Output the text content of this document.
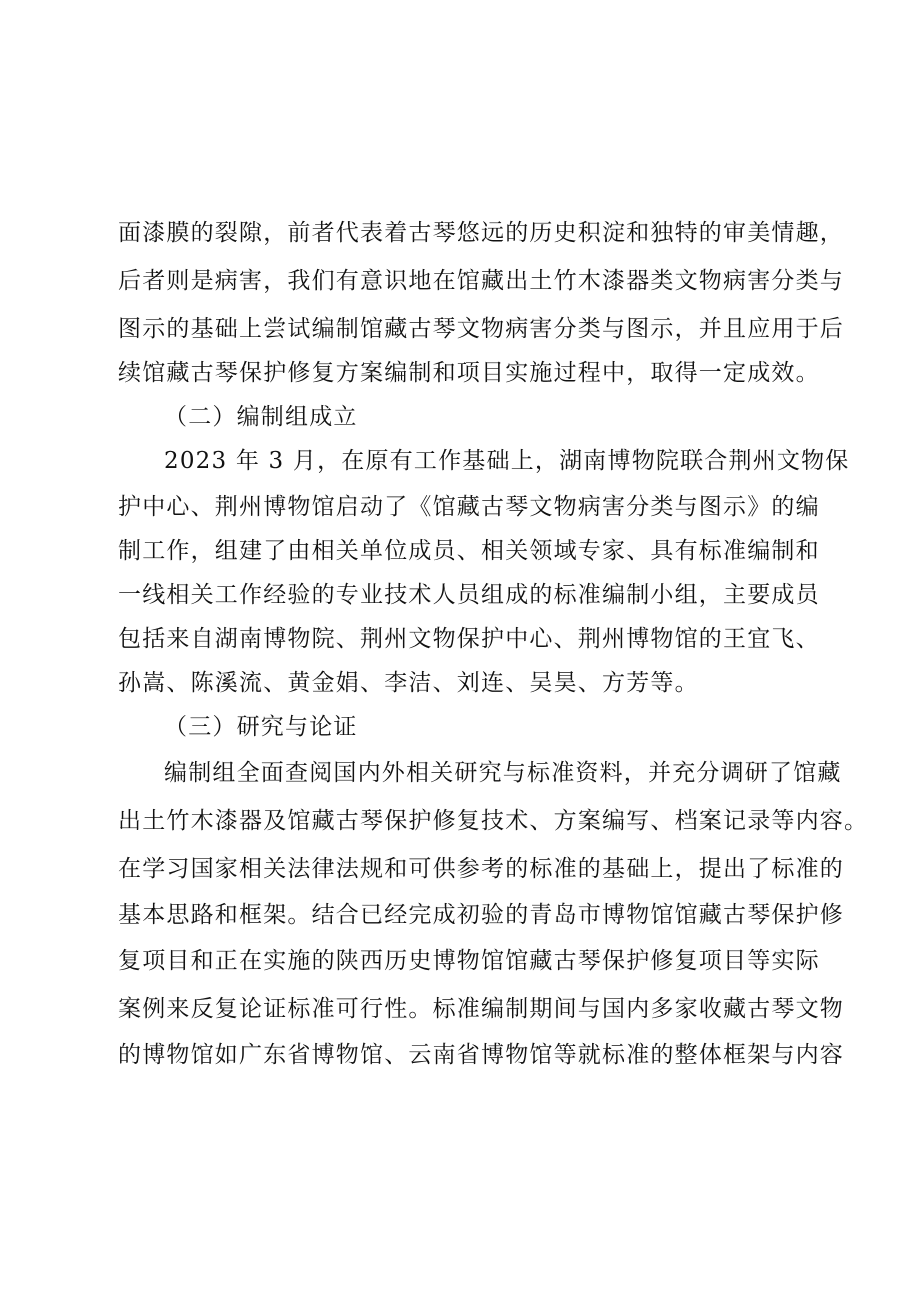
面漆膜的裂隙，前者代表着古琴悠远的历史积淀和独特的审美情趣，
后者则是病害，我们有意识地在馆藏出土竹木漆器类文物病害分类与
图示的基础上尝试编制馆藏古琴文物病害分类与图示，并且应用于后
续馆藏古琴保护修复方案编制和项目实施过程中，取得一定成效。
（二）编制组成立
2023 年 3 月，在原有工作基础上，湖南博物院联合荆州文物保
护中心、荆州博物馆启动了《馆藏古琴文物病害分类与图示》的编
制工作，组建了由相关单位成员、相关领域专家、具有标准编制和
一线相关工作经验的专业技术人员组成的标准编制小组，主要成员
包括来自湖南博物院、荆州文物保护中心、荆州博物馆的王宜飞、
孙嵩、陈溪流、黄金娟、李洁、刘连、吴昊、方芳等。
（三）研究与论证
编制组全面查阅国内外相关研究与标准资料，并充分调研了馆藏
出土竹木漆器及馆藏古琴保护修复技术、方案编写、档案记录等内容。
在学习国家相关法律法规和可供参考的标准的基础上，提出了标准的
基本思路和框架。结合已经完成初验的青岛市博物馆馆藏古琴保护修
复项目和正在实施的陕西历史博物馆馆藏古琴保护修复项目等实际
案例来反复论证标准可行性。标准编制期间与国内多家收藏古琴文物
的博物馆如广东省博物馆、云南省博物馆等就标准的整体框架与内容
